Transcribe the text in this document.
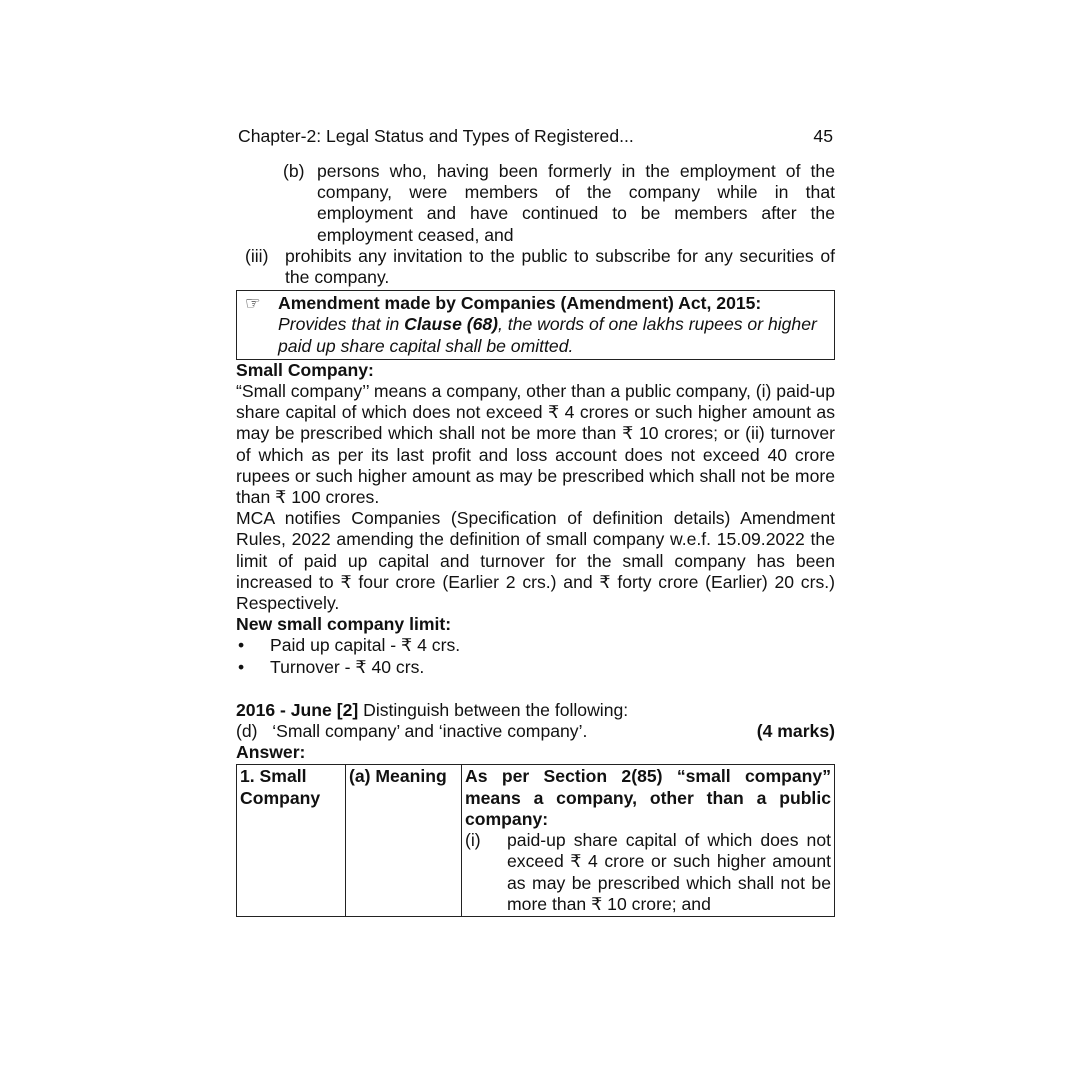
Chapter-2: Legal Status and Types of Registered...	45
(b) persons who, having been formerly in the employment of the company, were members of the company while in that employment and have continued to be members after the employment ceased, and
(iii) prohibits any invitation to the public to subscribe for any securities of the company.
☞ Amendment made by Companies (Amendment) Act, 2015:
Provides that in Clause (68), the words of one lakhs rupees or higher paid up share capital shall be omitted.
Small Company:
“Small company’’ means a company, other than a public company, (i) paid-up share capital of which does not exceed ₹ 4 crores or such higher amount as may be prescribed which shall not be more than ₹ 10 crores; or (ii) turnover of which as per its last profit and loss account does not exceed 40 crore rupees or such higher amount as may be prescribed which shall not be more than ₹ 100 crores.
MCA notifies Companies (Specification of definition details) Amendment Rules, 2022 amending the definition of small company w.e.f. 15.09.2022 the limit of paid up capital and turnover for the small company has been increased to ₹ four crore (Earlier 2 crs.) and ₹ forty crore (Earlier) 20 crs.) Respectively.
New small company limit:
•	Paid up capital - ₹ 4 crs.
•	Turnover - ₹ 40 crs.
2016 - June [2] Distinguish between the following:
(d) ‘Small company’ and ‘inactive company’.	(4 marks)
Answer:
1. Small Company	(a) Meaning	As per Section 2(85) “small company” means a company, other than a public company:
(i)	paid-up share capital of which does not exceed ₹ 4 crore or such higher amount as may be prescribed which shall not be more than ₹ 10 crore; and
